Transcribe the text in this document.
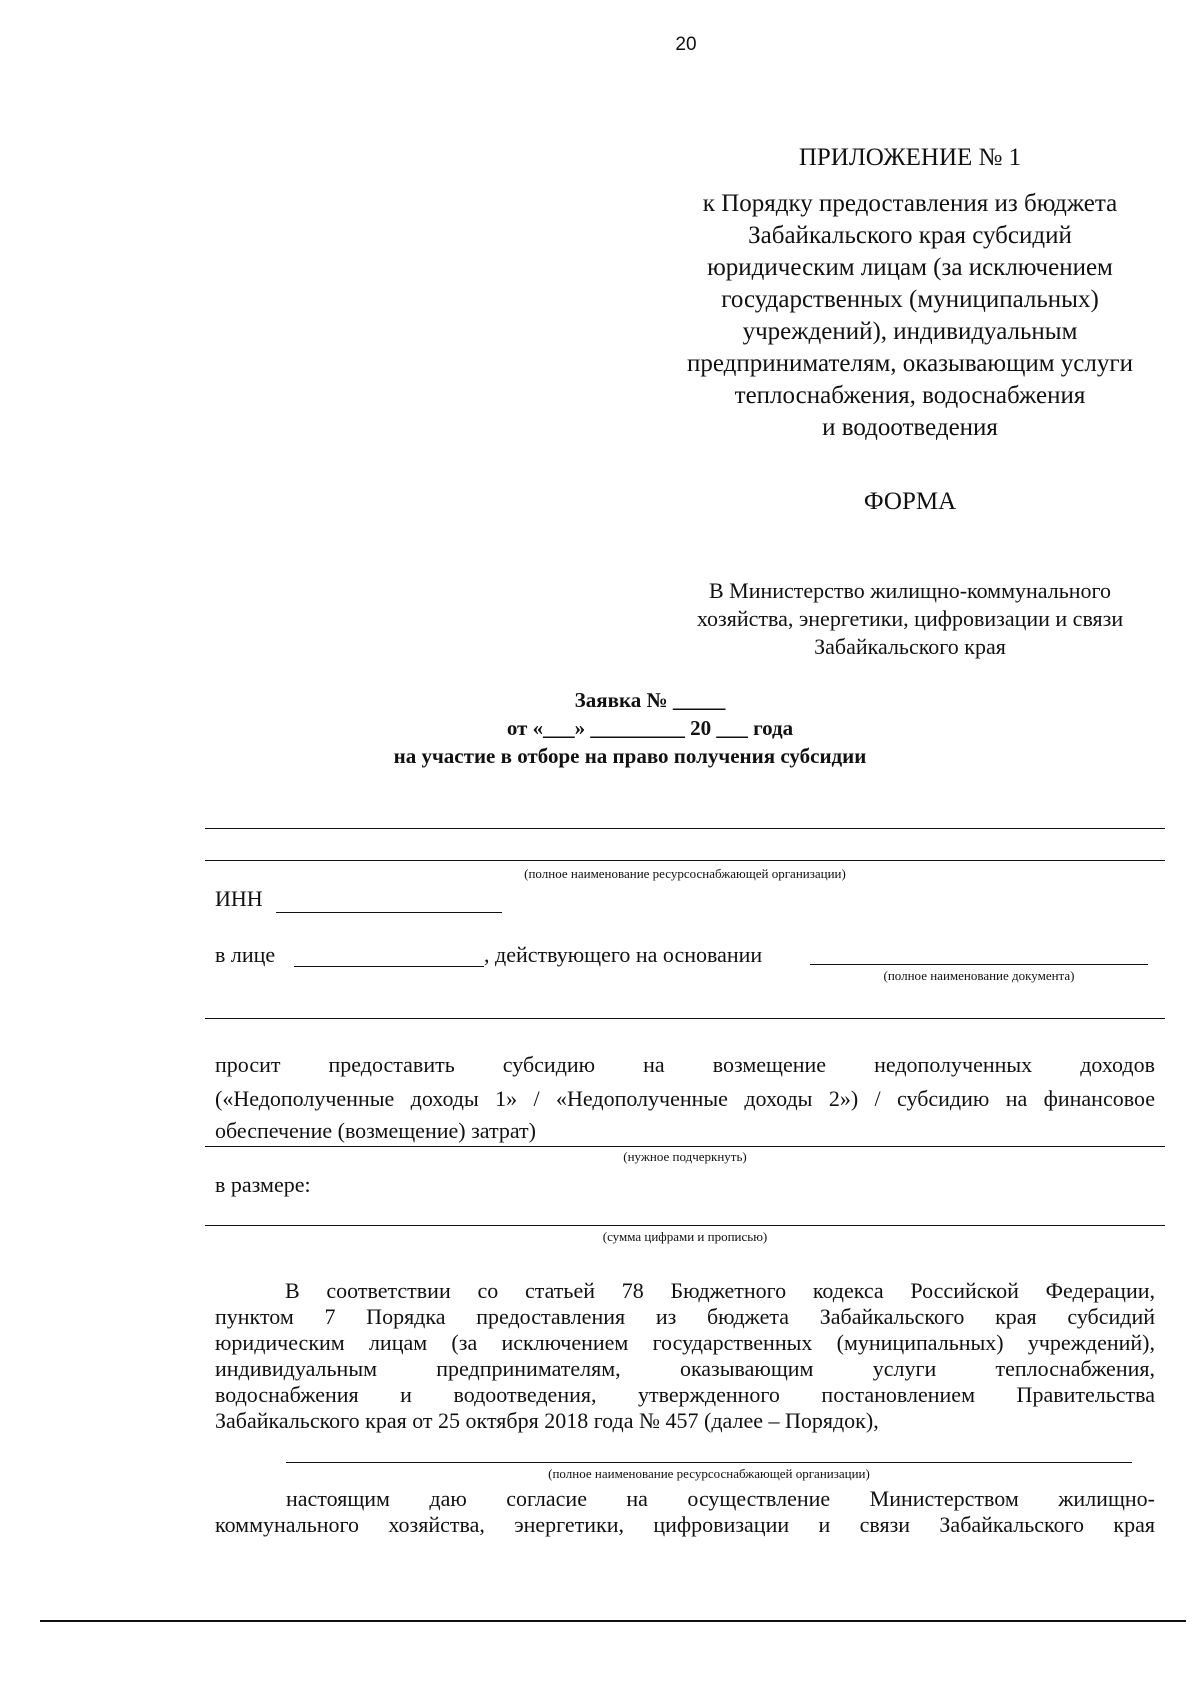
20
ПРИЛОЖЕНИЕ № 1
к Порядку предоставления из бюджета
Забайкальского края субсидий
юридическим лицам (за исключением
государственных (муниципальных)
учреждений), индивидуальным
предпринимателям, оказывающим услуги
теплоснабжения, водоснабжения
и водоотведения
ФОРМА
В Министерство жилищно-коммунального
хозяйства, энергетики, цифровизации и связи
Забайкальского края
Заявка № _____
от «___» _________ 20 ___ года
на участие в отборе на право получения субсидии
(полное наименование ресурсоснабжающей организации)
ИНН
в лице	, действующего на основании
(полное наименование документа)
просит предоставить субсидию на возмещение недополученных доходов
(«Недополученные доходы 1» / «Недополученные доходы 2») / субсидию на финансовое
обеспечение (возмещение) затрат)
(нужное подчеркнуть)
в размере:
(сумма цифрами и прописью)
В соответствии со статьей 78 Бюджетного кодекса Российской Федерации,
пунктом 7 Порядка предоставления из бюджета Забайкальского края субсидий
юридическим лицам (за исключением государственных (муниципальных) учреждений),
индивидуальным предпринимателям, оказывающим услуги теплоснабжения,
водоснабжения и водоотведения, утвержденного постановлением Правительства
Забайкальского края от 25 октября 2018 года № 457 (далее – Порядок),
(полное наименование ресурсоснабжающей организации)
настоящим даю согласие на осуществление Министерством жилищно-
коммунального хозяйства, энергетики, цифровизации и связи Забайкальского края
